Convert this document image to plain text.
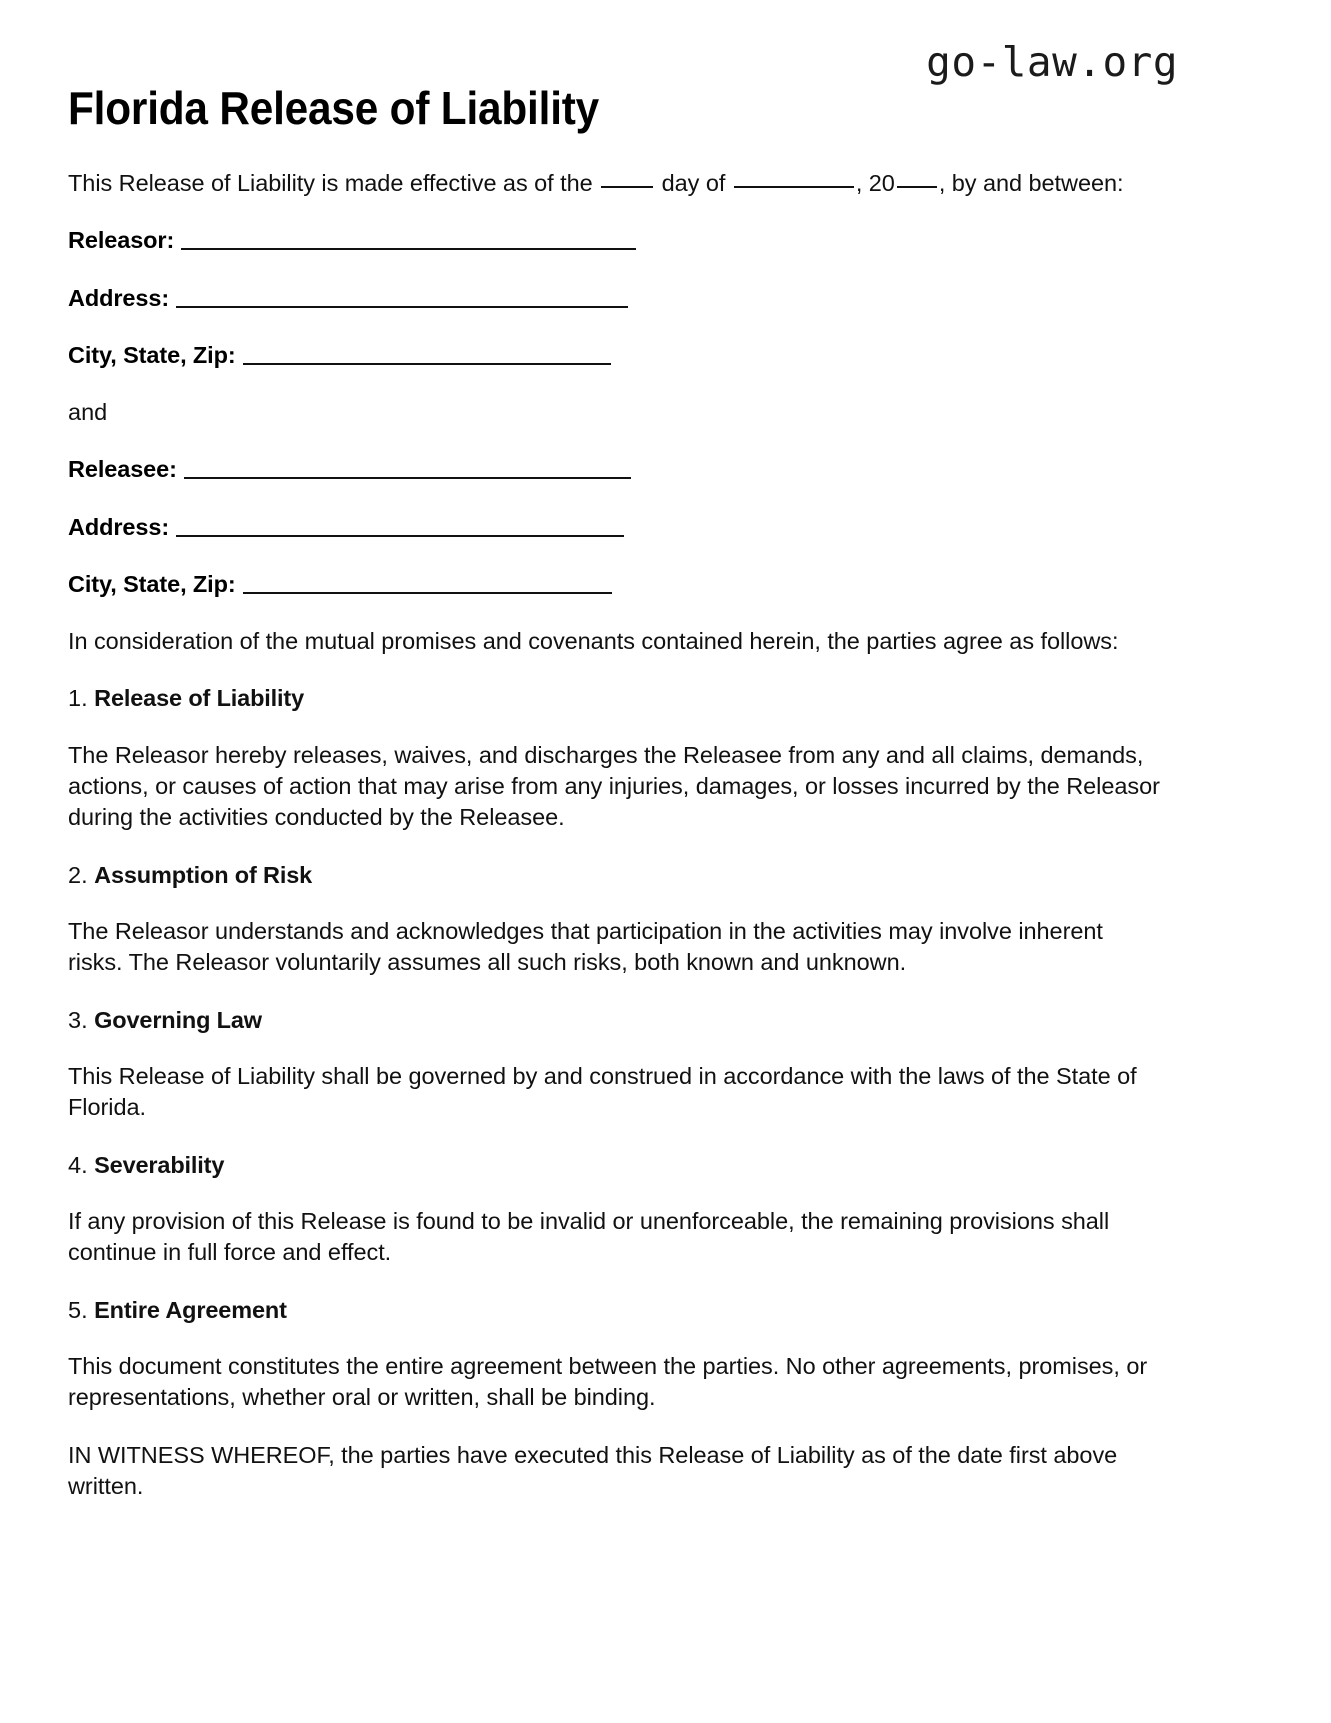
go-law.org
Florida Release of Liability

This Release of Liability is made effective as of the	day of	, 20 , by and between:

Releasor:
Address:
City, State, Zip:
and
Releasee:
Address:
City, State, Zip:

In consideration of the mutual promises and covenants contained herein, the parties agree as follows:

1. Release of Liability

The Releasor hereby releases, waives, and discharges the Releasee from any and all claims, demands, actions, or causes of action that may arise from any injuries, damages, or losses incurred by the Releasor during the activities conducted by the Releasee.

2. Assumption of Risk

The Releasor understands and acknowledges that participation in the activities may involve inherent risks. The Releasor voluntarily assumes all such risks, both known and unknown.

3. Governing Law

This Release of Liability shall be governed by and construed in accordance with the laws of the State of Florida.

4. Severability

If any provision of this Release is found to be invalid or unenforceable, the remaining provisions shall continue in full force and effect.

5. Entire Agreement

This document constitutes the entire agreement between the parties. No other agreements, promises, or representations, whether oral or written, shall be binding.

IN WITNESS WHEREOF, the parties have executed this Release of Liability as of the date first above written.
